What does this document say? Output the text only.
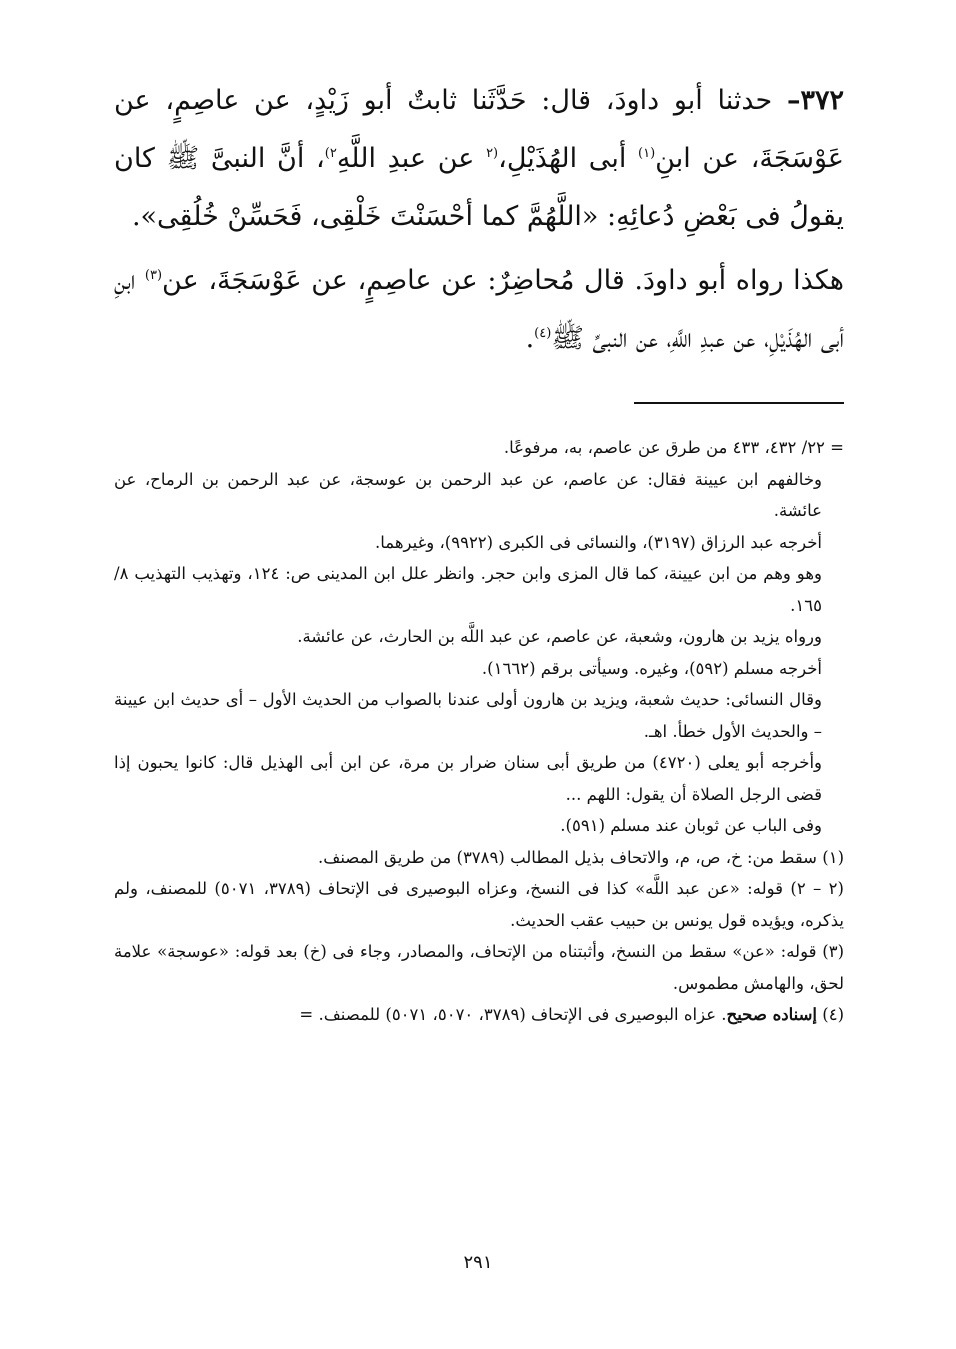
٣٧٢– حدثنا أبو داودَ، قال: حَدَّثَنا ثابتٌ أبو زَيْدٍ، عن عاصِمٍ، عن عَوْسَجَةَ، عن ابنِ$^{(١)}$ أبى الهُذَيْلِ،$^{(٢}$ عن عبدِ اللَّهِ$^{٢)}$، أنَّ النبىَّ ﷺ كان يقولُ فى بَعْضِ دُعائِهِ: «اللَّهُمَّ كما أحْسَنْتَ خَلْقِى، فَحَسِّنْ خُلُقِى».

هكذا رواه أبو داودَ. قال مُحاضِرٌ: عن عاصِمٍ، عن عَوْسَجَةَ، عن$^{(٣)}$ ابنِ أبى الهُذَيْلِ، عن عبدِ اللَّهِ، عن النبىِّ ﷺ$^{(٤)}$.

= ٢٢/ ٤٣٢، ٤٣٣ من طرق عن عاصم، به، مرفوعًا.

وخالفهم ابن عيينة فقال: عن عاصم، عن عبد الرحمن بن عوسجة، عن عبد الرحمن بن الرماح، عن عائشة.

أخرجه عبد الرزاق (٣١٩٧)، والنسائى فى الكبرى (٩٩٢٢)، وغيرهما.

وهو وهم من ابن عيينة، كما قال المزى وابن حجر. وانظر علل ابن المدينى ص: ١٢٤، وتهذيب التهذيب ٨/ ١٦٥.

ورواه يزيد بن هارون، وشعبة، عن عاصم، عن عبد اللَّه بن الحارث، عن عائشة.

أخرجه مسلم (٥٩٢)، وغيره. وسيأتى برقم (١٦٦٢).

وقال النسائى: حديث شعبة، ويزيد بن هارون أولى عندنا بالصواب من الحديث الأول – أى حديث ابن عيينة – والحديث الأول خطأ. اهـ.

وأخرجه أبو يعلى (٤٧٢٠) من طريق أبى سنان ضرار بن مرة، عن ابن أبى الهذيل قال: كانوا يحبون إذا قضى الرجل الصلاة أن يقول: اللهم ...

وفى الباب عن ثوبان عند مسلم (٥٩١).

(١) سقط من: خ، ص، م، والاتحاف بذيل المطالب (٣٧٨٩) من طريق المصنف.

(٢ – ٢) قوله: «عن عبد اللَّه» كذا فى النسخ، وعزاه البوصيرى فى الإتحاف (٣٧٨٩، ٥٠٧١) للمصنف، ولم يذكره، ويؤيده قول يونس بن حبيب عقب الحديث.

(٣) قوله: «عن» سقط من النسخ، وأثبتناه من الإتحاف، والمصادر، وجاء فى (خ) بعد قوله: «عوسجة» علامة لحق، والهامش مطموس.

(٤) إسناده صحيح. عزاه البوصيرى فى الإتحاف (٣٧٨٩، ٥٠٧٠، ٥٠٧١) للمصنف. =

٢٩١
